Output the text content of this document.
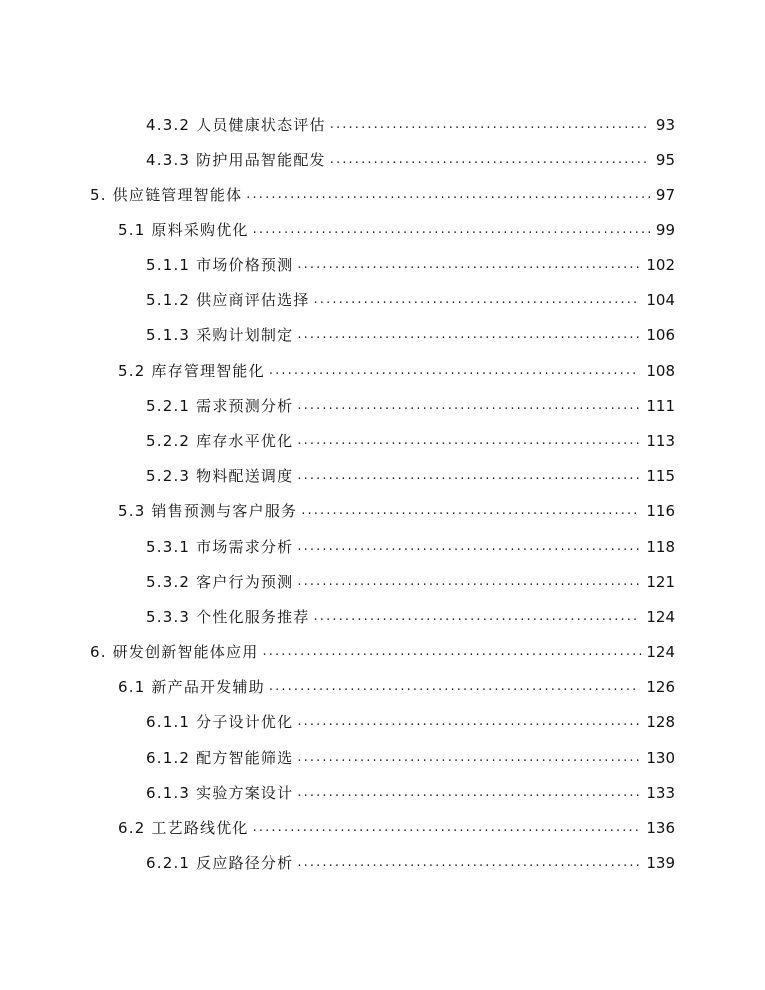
4.3.2 人员健康状态评估 . . .	93
4.3.3 防护用品智能配发 . . .	95
5. 供应链管理智能体 . . .	97
5.1 原料采购优化 . . .	99
5.1.1 市场价格预测 . . .	102
5.1.2 供应商评估选择 . . .	104
5.1.3 采购计划制定 . . .	106
5.2 库存管理智能化 . . .	108
5.2.1 需求预测分析 . . .	111
5.2.2 库存水平优化 . . .	113
5.2.3 物料配送调度 . . .	115
5.3 销售预测与客户服务 . . .	116
5.3.1 市场需求分析 . . .	118
5.3.2 客户行为预测 . . .	121
5.3.3 个性化服务推荐 . . .	124
6. 研发创新智能体应用 . . .	124
6.1 新产品开发辅助 . . .	126
6.1.1 分子设计优化 . . .	128
6.1.2 配方智能筛选 . . .	130
6.1.3 实验方案设计 . . .	133
6.2 工艺路线优化 . . .	136
6.2.1 反应路径分析 . . .	139
